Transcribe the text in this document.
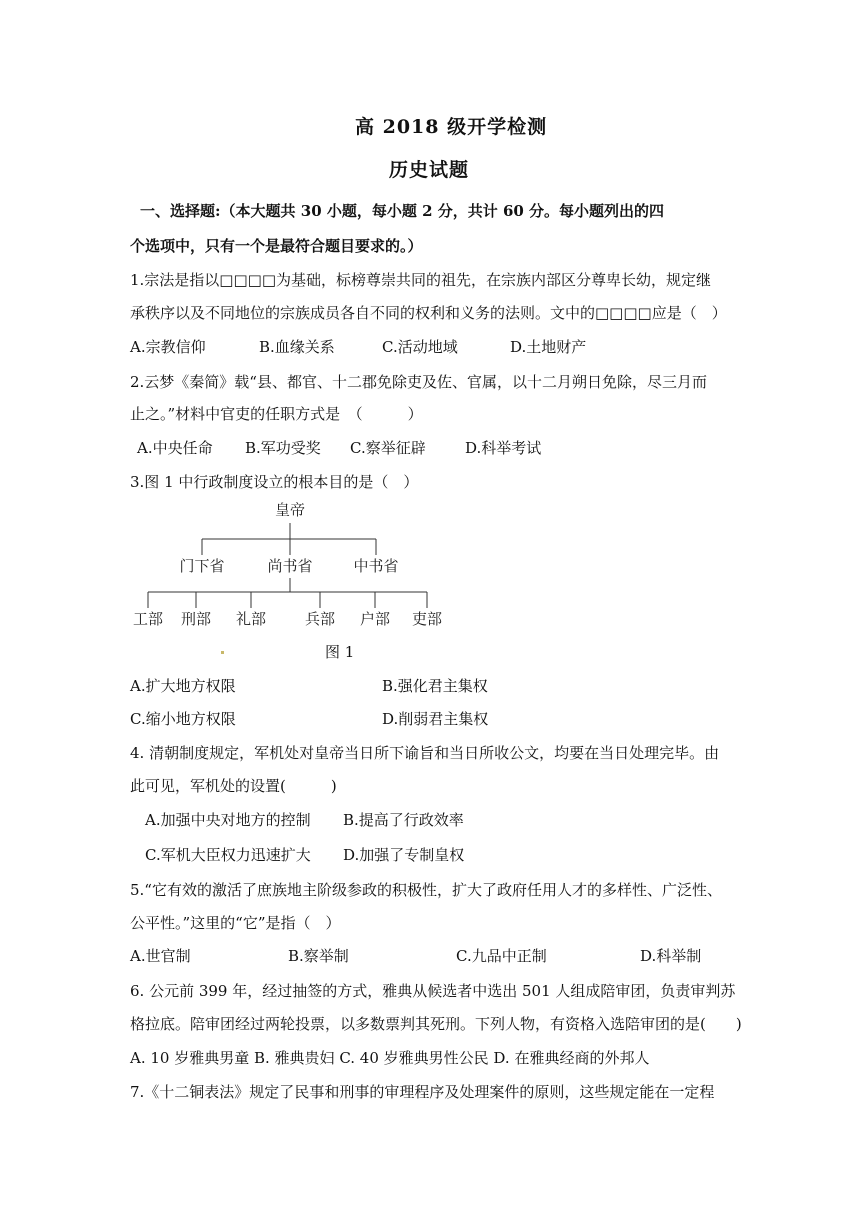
高 2018 级开学检测
历史试题
一、选择题:（本大题共 30 小题，每小题 2 分，共计 60 分。每小题列出的四
个选项中，只有一个是最符合题目要求的。）
1.宗法是指以□□□□为基础，标榜尊崇共同的祖先，在宗族内部区分尊卑长幼，规定继
承秩序以及不同地位的宗族成员各自不同的权利和义务的法则。文中的□□□□应是（　）
A.宗教信仰	B.血缘关系	C.活动地域	D.土地财产
2.云梦《秦简》载“县、都官、十二郡免除吏及佐、官属，以十二月朔日免除，尽三月而
止之。”材料中官吏的任职方式是　（　　　）
A.中央任命 B.军功受奖 C.察举征辟	D.科举考试
3.图 1 中行政制度设立的根本目的是（　）
皇帝
门下省	尚书省	中书省
工部 刑部 礼部	兵部 户部 吏部
图 1
A.扩大地方权限	B.强化君主集权
C.缩小地方权限	D.削弱君主集权
4. 清朝制度规定，军机处对皇帝当日所下谕旨和当日所收公文，均要在当日处理完毕。由
此可见，军机处的设置(　　　)
A.加强中央对地方的控制 B.提高了行政效率
C.军机大臣权力迅速扩大 D.加强了专制皇权
5.“它有效的激活了庶族地主阶级参政的积极性，扩大了政府任用人才的多样性、广泛性、
公平性。”这里的“它”是指（　）
A.世官制	B.察举制	C.九品中正制	D.科举制
6. 公元前 399 年，经过抽签的方式，雅典从候选者中选出 501 人组成陪审团，负责审判苏
格拉底。陪审团经过两轮投票，以多数票判其死刑。下列人物，有资格入选陪审团的是(　　)
A. 10 岁雅典男童 B. 雅典贵妇 C. 40 岁雅典男性公民 D. 在雅典经商的外邦人
7.《十二铜表法》规定了民事和刑事的审理程序及处理案件的原则，这些规定能在一定程
